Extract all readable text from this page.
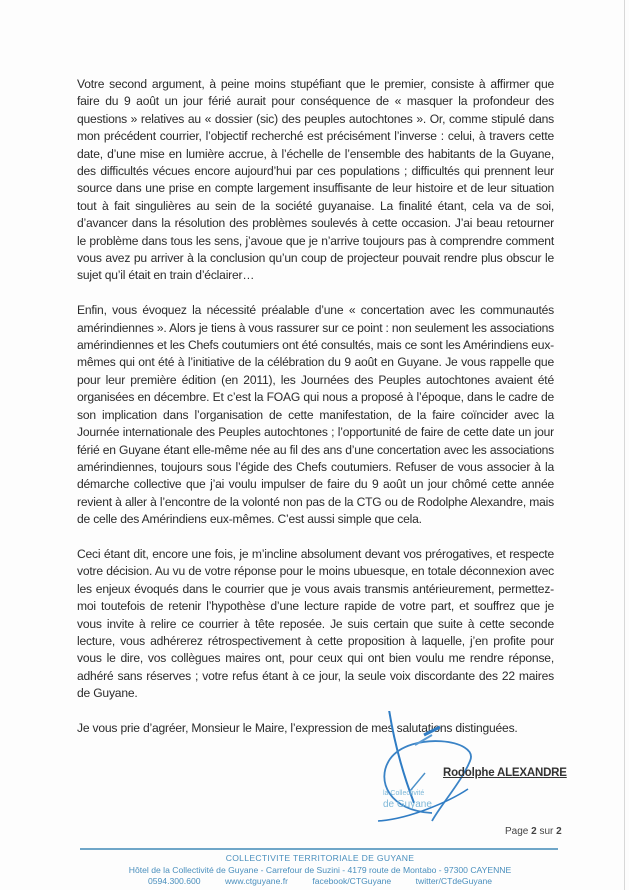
Votre second argument, à peine moins stupéfiant que le premier, consiste à affirmer que faire du 9 août un jour férié aurait pour conséquence de « masquer la profondeur des questions » relatives au « dossier (sic) des peuples autochtones ». Or, comme stipulé dans mon précédent courrier, l’objectif recherché est précisément l’inverse : celui, à travers cette date, d’une mise en lumière accrue, à l’échelle de l’ensemble des habitants de la Guyane, des difficultés vécues encore aujourd’hui par ces populations ; difficultés qui prennent leur source dans une prise en compte largement insuffisante de leur histoire et de leur situation tout à fait singulières au sein de la société guyanaise. La finalité étant, cela va de soi, d’avancer dans la résolution des problèmes soulevés à cette occasion. J’ai beau retourner le problème dans tous les sens, j’avoue que je n’arrive toujours pas à comprendre comment vous avez pu arriver à la conclusion qu’un coup de projecteur pouvait rendre plus obscur le sujet qu’il était en train d’éclairer…

Enfin, vous évoquez la nécessité préalable d’une « concertation avec les communautés amérindiennes ». Alors je tiens à vous rassurer sur ce point : non seulement les associations amérindiennes et les Chefs coutumiers ont été consultés, mais ce sont les Amérindiens eux-mêmes qui ont été à l’initiative de la célébration du 9 août en Guyane. Je vous rappelle que pour leur première édition (en 2011), les Journées des Peuples autochtones avaient été organisées en décembre. Et c’est la FOAG qui nous a proposé à l’époque, dans le cadre de son implication dans l’organisation de cette manifestation, de la faire coïncider avec la Journée internationale des Peuples autochtones ; l’opportunité de faire de cette date un jour férié en Guyane étant elle-même née au fil des ans d’une concertation avec les associations amérindiennes, toujours sous l’égide des Chefs coutumiers. Refuser de vous associer à la démarche collective que j’ai voulu impulser de faire du 9 août un jour chômé cette année revient à aller à l’encontre de la volonté non pas de la CTG ou de Rodolphe Alexandre, mais de celle des Amérindiens eux-mêmes. C’est aussi simple que cela.

Ceci étant dit, encore une fois, je m’incline absolument devant vos prérogatives, et respecte votre décision. Au vu de votre réponse pour le moins ubuesque, en totale déconnexion avec les enjeux évoqués dans le courrier que je vous avais transmis antérieurement, permettez-moi toutefois de retenir l’hypothèse d’une lecture rapide de votre part, et souffrez que je vous invite à relire ce courrier à tête reposée. Je suis certain que suite à cette seconde lecture, vous adhérerez rétrospectivement à cette proposition à laquelle, j’en profite pour vous le dire, vos collègues maires ont, pour ceux qui ont bien voulu me rendre réponse, adhéré sans réserves ; votre refus étant à ce jour, la seule voix discordante des 22 maires de Guyane.

Je vous prie d’agréer, Monsieur le Maire, l’expression de mes salutations distinguées.

la Collectivité
de Guyane
Rodolphe ALEXANDRE
Page 2 sur 2
COLLECTIVITE TERRITORIALE DE GUYANE
Hôtel de la Collectivité de Guyane - Carrefour de Suzini - 4179 route de Montabo - 97300 CAYENNE
0594.300.600	www.ctguyane.fr	facebook/CTGuyane	twitter/CTdeGuyane
